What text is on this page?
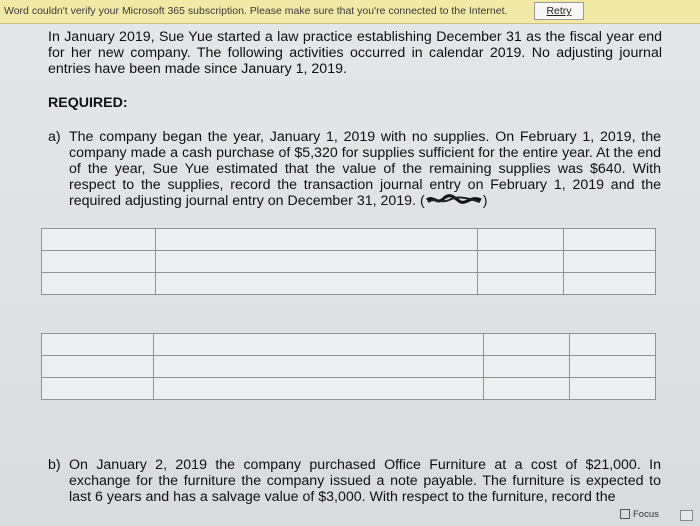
Word couldn't verify your Microsoft 365 subscription. Please make sure that you're connected to the Internet.	Retry
In January 2019, Sue Yue started a law practice establishing December 31 as the fiscal year end for her new company. The following activities occurred in calendar 2019. No adjusting journal entries have been made since January 1, 2019.
REQUIRED:
a) The company began the year, January 1, 2019 with no supplies. On February 1, 2019, the company made a cash purchase of $5,320 for supplies sufficient for the entire year. At the end of the year, Sue Yue estimated that the value of the remaining supplies was $640. With respect to the supplies, record the transaction journal entry on February 1, 2019 and the required adjusting journal entry on December 31, 2019. (	)

b) On January 2, 2019 the company purchased Office Furniture at a cost of $21,000. In exchange for the furniture the company issued a note payable. The furniture is expected to last 6 years and has a salvage value of $3,000. With respect to the furniture, record the
Focus
